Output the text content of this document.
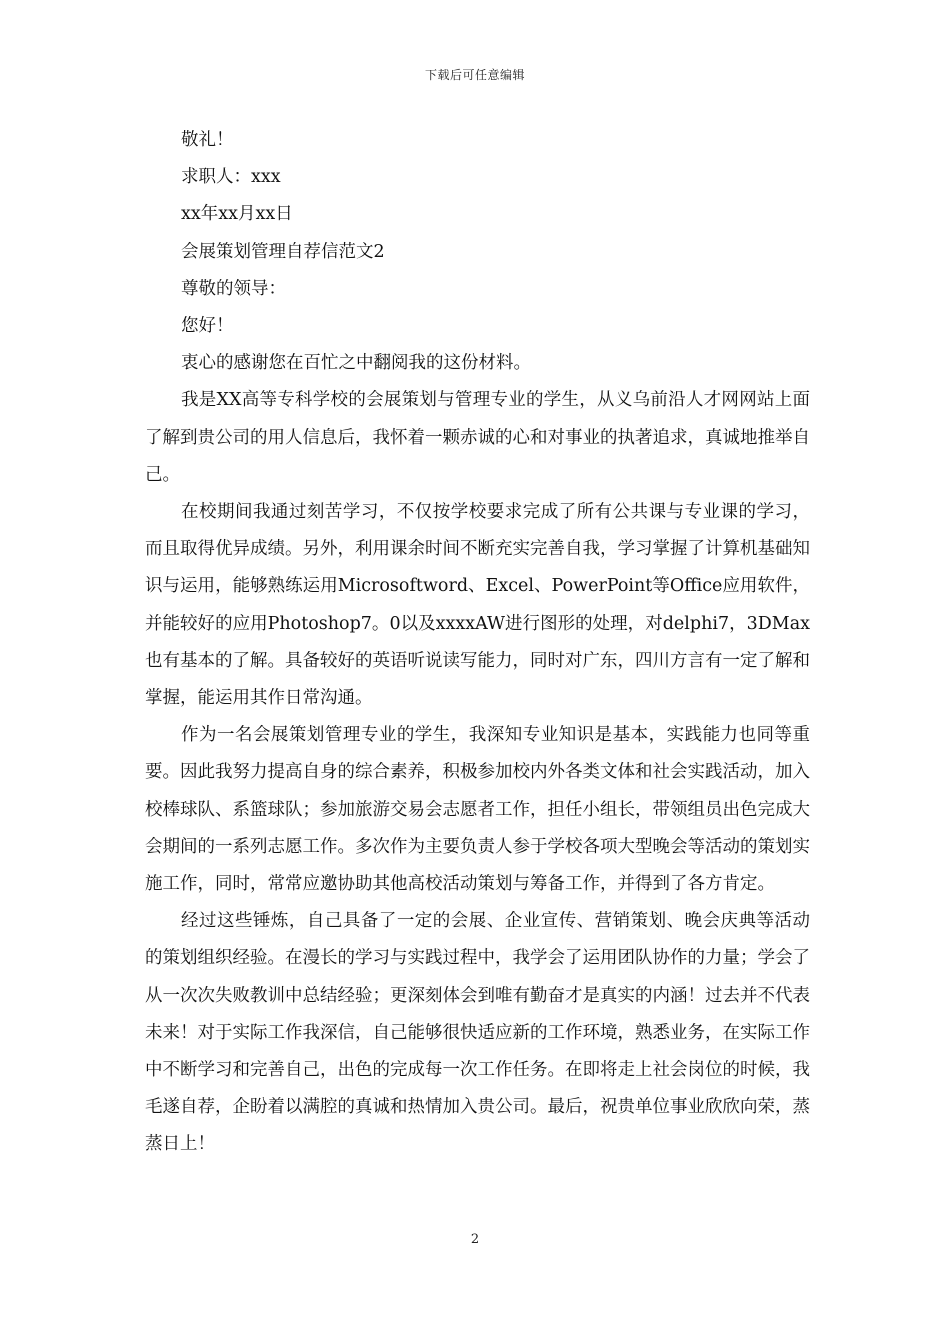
下载后可任意编辑
敬礼！
求职人：xxx
xx年xx月xx日
会展策划管理自荐信范文2
尊敬的领导：
您好！
衷心的感谢您在百忙之中翻阅我的这份材料。

我是XX高等专科学校的会展策划与管理专业的学生，从义乌前沿人才网网站上面了解到贵公司的用人信息后，我怀着一颗赤诚的心和对事业的执著追求，真诚地推举自己。

在校期间我通过刻苦学习，不仅按学校要求完成了所有公共课与专业课的学习，而且取得优异成绩。另外，利用课余时间不断充实完善自我，学习掌握了计算机基础知识与运用，能够熟练运用Microsoftword、Excel、PowerPoint等Office应用软件，并能较好的应用Photoshop7。0以及xxxxAW进行图形的处理，对delphi7，3DMax也有基本的了解。具备较好的英语听说读写能力，同时对广东，四川方言有一定了解和掌握，能运用其作日常沟通。

作为一名会展策划管理专业的学生，我深知专业知识是基本，实践能力也同等重要。因此我努力提高自身的综合素养，积极参加校内外各类文体和社会实践活动，加入校棒球队、系篮球队；参加旅游交易会志愿者工作，担任小组长，带领组员出色完成大会期间的一系列志愿工作。多次作为主要负责人参于学校各项大型晚会等活动的策划实施工作，同时，常常应邀协助其他高校活动策划与筹备工作，并得到了各方肯定。

经过这些锤炼，自己具备了一定的会展、企业宣传、营销策划、晚会庆典等活动的策划组织经验。在漫长的学习与实践过程中，我学会了运用团队协作的力量；学会了从一次次失败教训中总结经验；更深刻体会到唯有勤奋才是真实的内涵！过去并不代表未来！对于实际工作我深信，自己能够很快适应新的工作环境，熟悉业务，在实际工作中不断学习和完善自己，出色的完成每一次工作任务。在即将走上社会岗位的时候，我毛遂自荐，企盼着以满腔的真诚和热情加入贵公司。最后，祝贵单位事业欣欣向荣，蒸蒸日上！

2
